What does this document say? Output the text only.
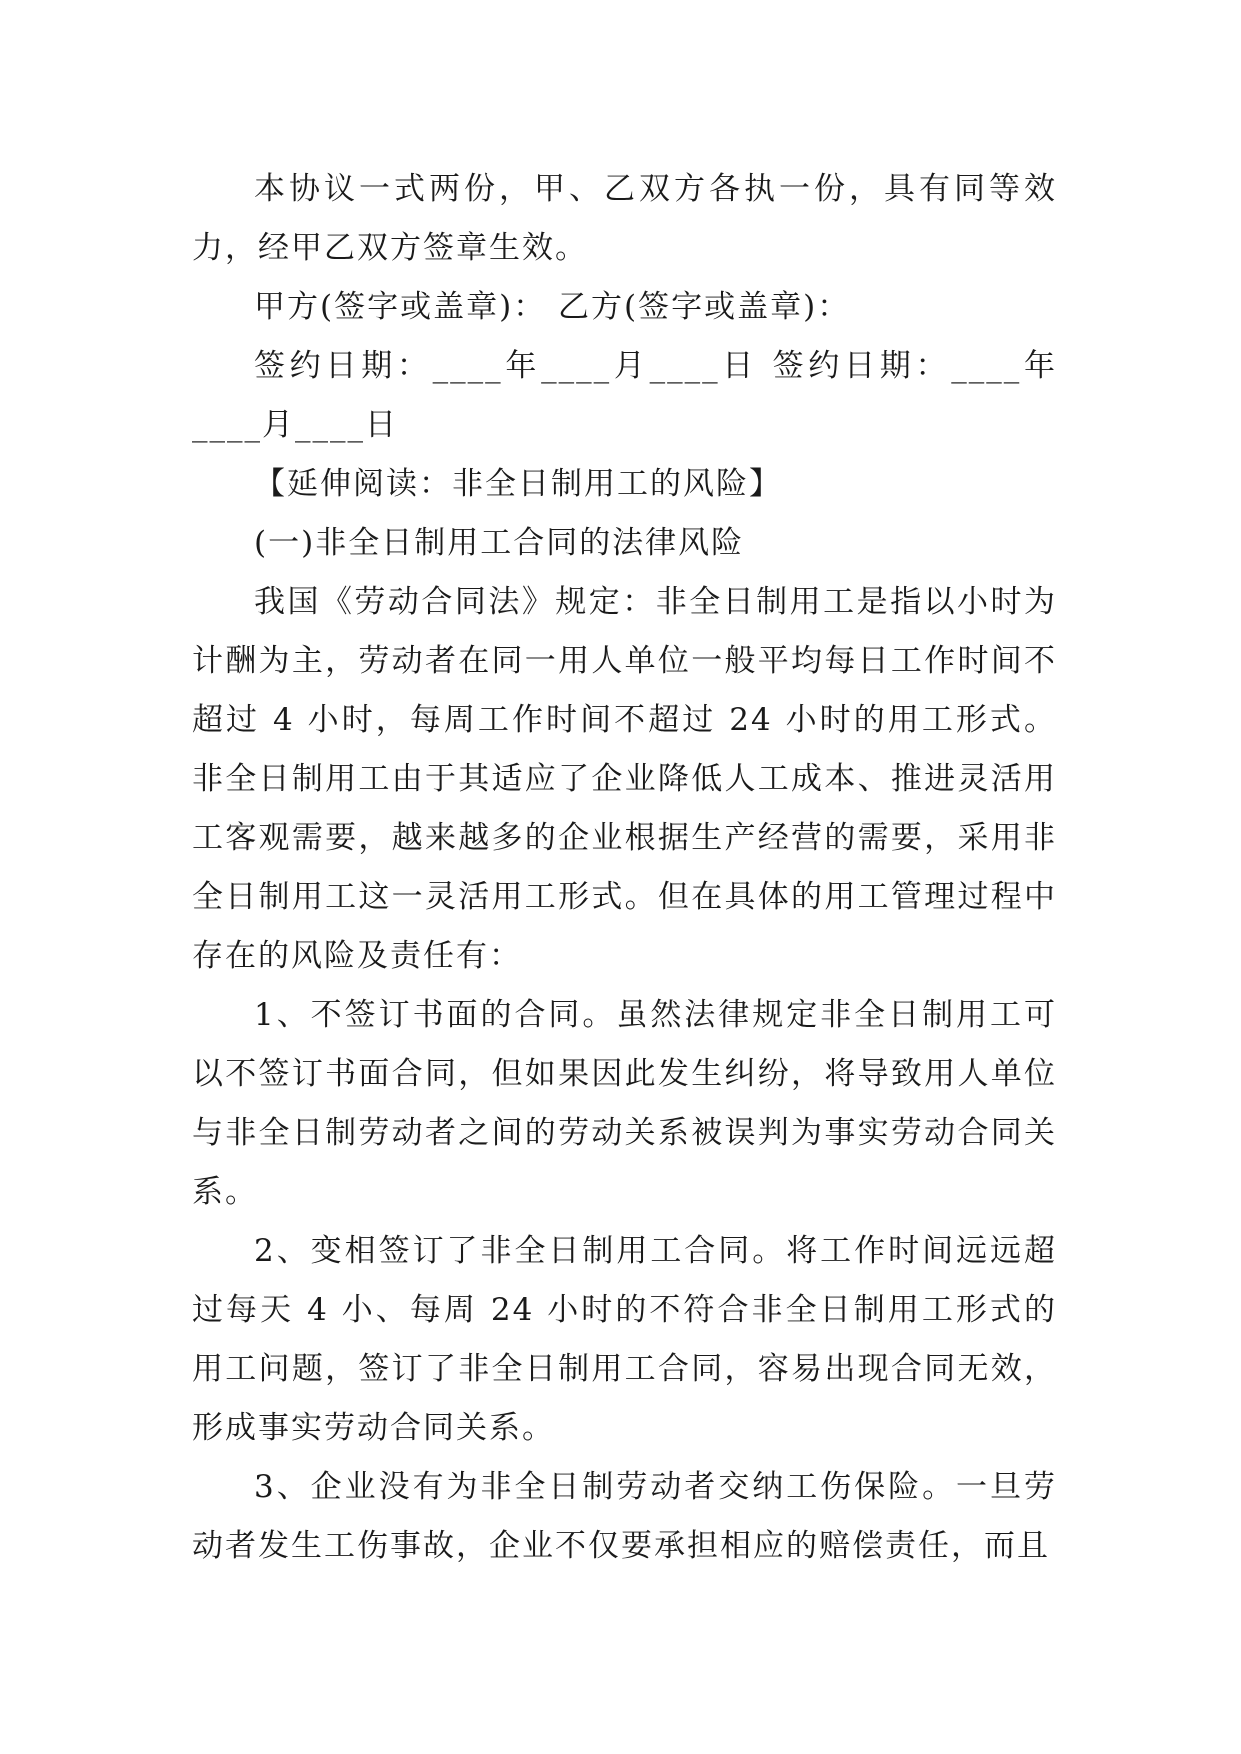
本协议一式两份，甲、乙双方各执一份，具有同等效力，经甲乙双方签章生效。

甲方(签字或盖章)： 乙方(签字或盖章)：

签约日期：____年____月____日 签约日期：____年____月____日

【延伸阅读：非全日制用工的风险】

(一)非全日制用工合同的法律风险

我国《劳动合同法》规定：非全日制用工是指以小时为计酬为主，劳动者在同一用人单位一般平均每日工作时间不超过 4 小时，每周工作时间不超过 24 小时的用工形式。非全日制用工由于其适应了企业降低人工成本、推进灵活用工客观需要，越来越多的企业根据生产经营的需要，采用非全日制用工这一灵活用工形式。但在具体的用工管理过程中存在的风险及责任有：

1、不签订书面的合同。虽然法律规定非全日制用工可以不签订书面合同，但如果因此发生纠纷，将导致用人单位与非全日制劳动者之间的劳动关系被误判为事实劳动合同关系。

2、变相签订了非全日制用工合同。将工作时间远远超过每天 4 小、每周 24 小时的不符合非全日制用工形式的用工问题，签订了非全日制用工合同，容易出现合同无效，形成事实劳动合同关系。

3、企业没有为非全日制劳动者交纳工伤保险。一旦劳动者发生工伤事故，企业不仅要承担相应的赔偿责任，而且
